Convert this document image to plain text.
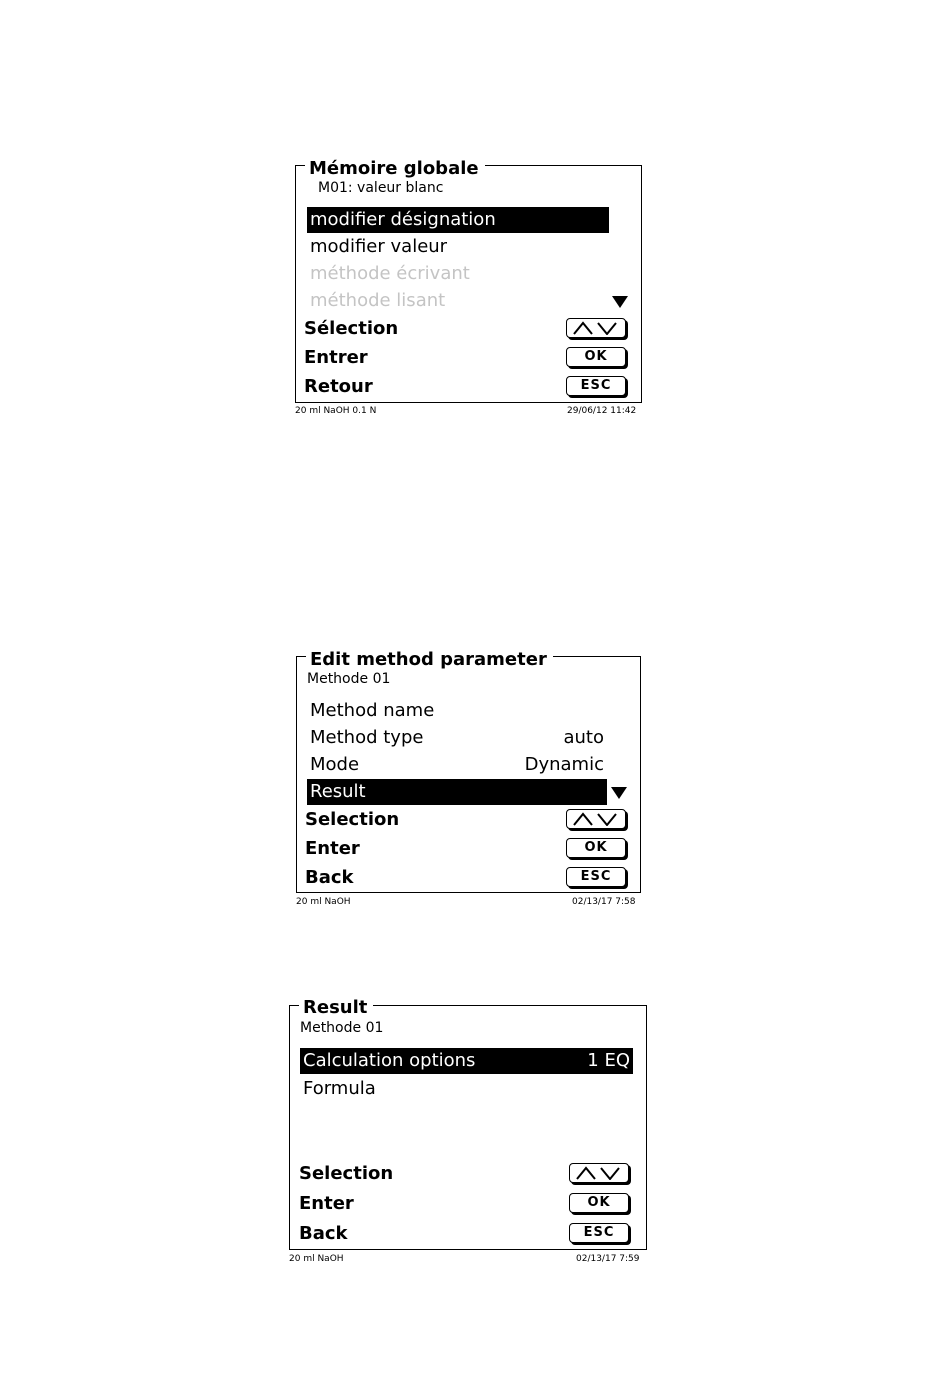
Mémoire globale
M01: valeur blanc
modifier désignation
modifier valeur
méthode écrivant
méthode lisant
Sélection
Entrer	OK
Retour	ESC
20 ml NaOH 0.1 N	29/06/12 11:42
Edit method parameter
Methode 01
Method name
Method type	auto
Mode	Dynamic
Result
Selection
Enter	OK
Back	ESC
20 ml NaOH	02/13/17 7:58
Result
Methode 01
Calculation options	1 EQ
Formula
Selection
Enter	OK
Back	ESC
20 ml NaOH	02/13/17 7:59
